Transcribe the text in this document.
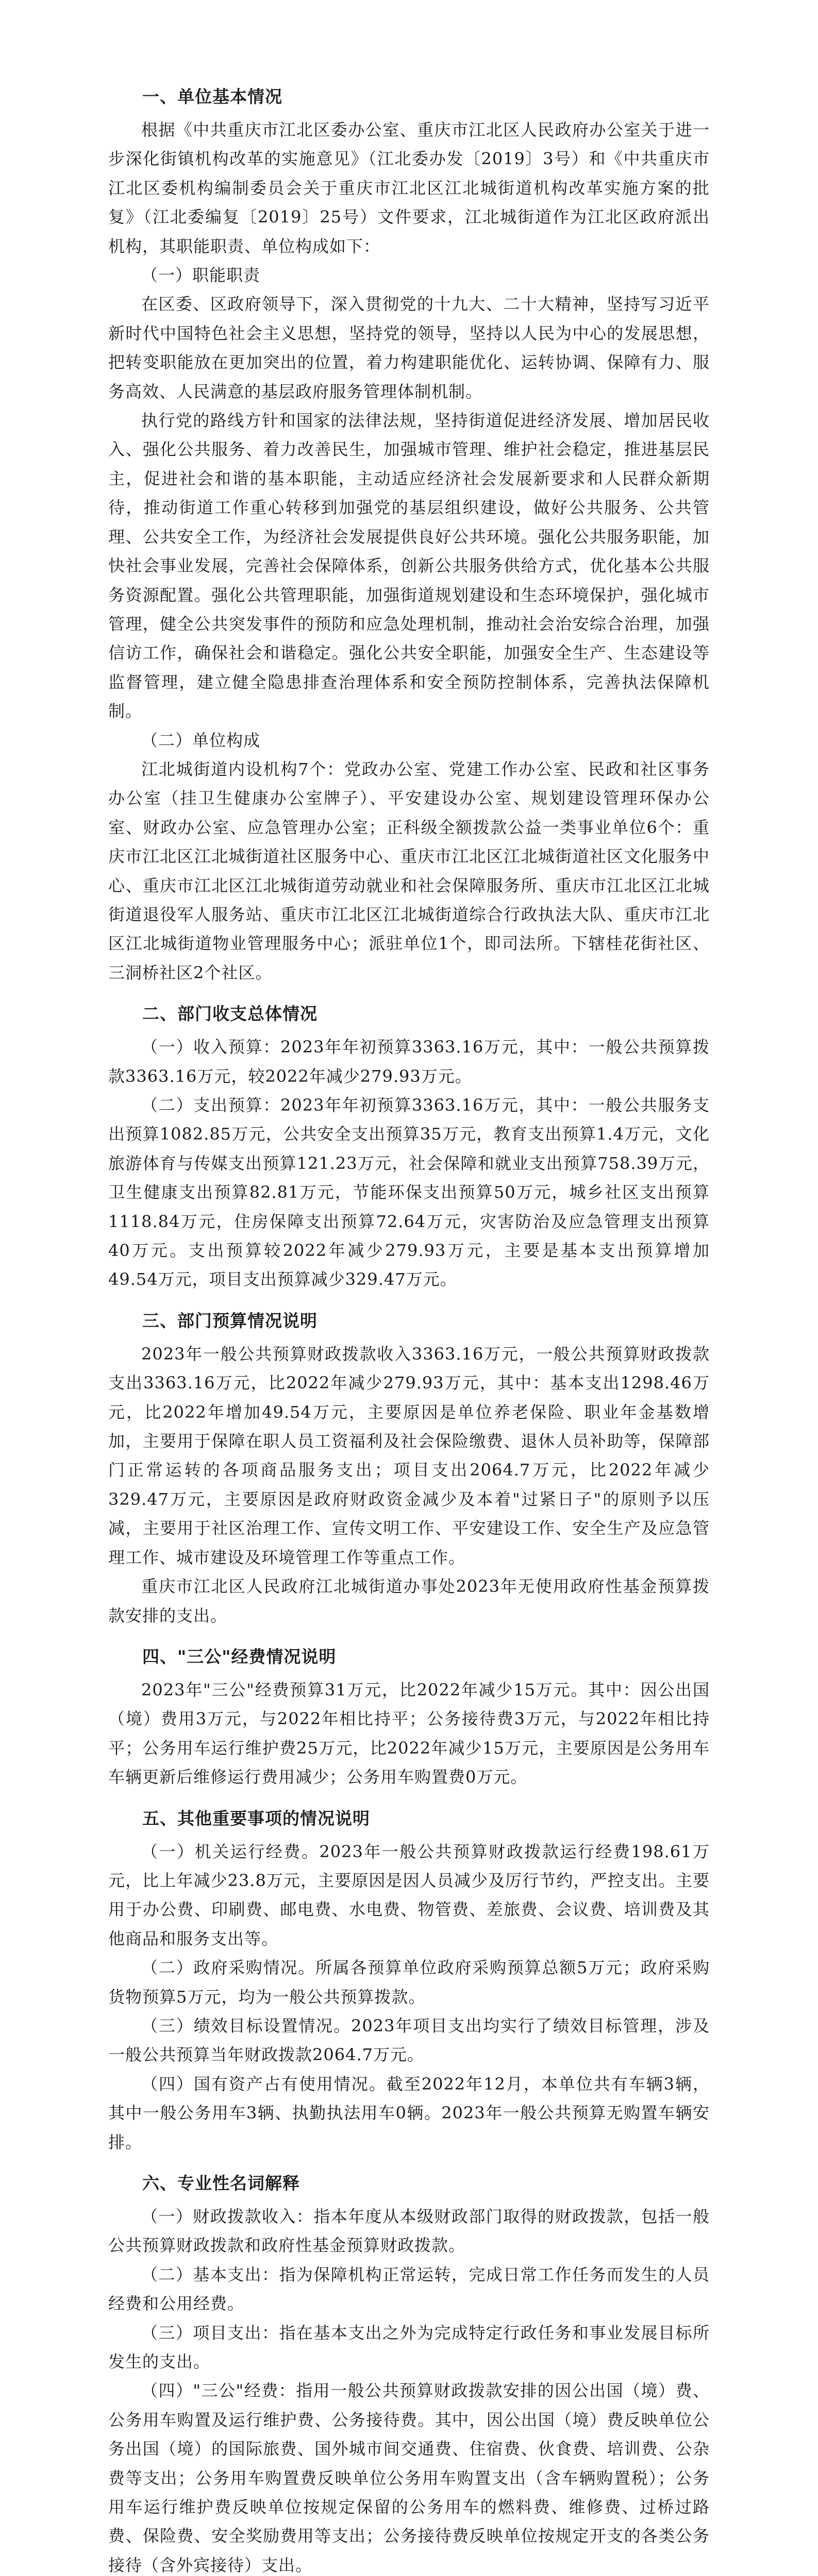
一、单位基本情况

根据《中共重庆市江北区委办公室、重庆市江北区人民政府办公室关于进一步深化街镇机构改革的实施意见》（江北委办发〔2019〕3号）和《中共重庆市江北区委机构编制委员会关于重庆市江北区江北城街道机构改革实施方案的批复》（江北委编复〔2019〕25号）文件要求，江北城街道作为江北区政府派出机构，其职能职责、单位构成如下：

（一）职能职责

在区委、区政府领导下，深入贯彻党的十九大、二十大精神，坚持写习近平新时代中国特色社会主义思想，坚持党的领导，坚持以人民为中心的发展思想，把转变职能放在更加突出的位置，着力构建职能优化、运转协调、保障有力、服务高效、人民满意的基层政府服务管理体制机制。

执行党的路线方针和国家的法律法规，坚持街道促进经济发展、增加居民收入、强化公共服务、着力改善民生，加强城市管理、维护社会稳定，推进基层民主，促进社会和谐的基本职能，主动适应经济社会发展新要求和人民群众新期待，推动街道工作重心转移到加强党的基层组织建设，做好公共服务、公共管理、公共安全工作，为经济社会发展提供良好公共环境。强化公共服务职能，加快社会事业发展，完善社会保障体系，创新公共服务供给方式，优化基本公共服务资源配置。强化公共管理职能，加强街道规划建设和生态环境保护，强化城市管理，健全公共突发事件的预防和应急处理机制，推动社会治安综合治理，加强信访工作，确保社会和谐稳定。强化公共安全职能，加强安全生产、生态建设等监督管理，建立健全隐患排查治理体系和安全预防控制体系，完善执法保障机制。

（二）单位构成

江北城街道内设机构7个：党政办公室、党建工作办公室、民政和社区事务办公室（挂卫生健康办公室牌子）、平安建设办公室、规划建设管理环保办公室、财政办公室、应急管理办公室；正科级全额拨款公益一类事业单位6个：重庆市江北区江北城街道社区服务中心、重庆市江北区江北城街道社区文化服务中心、重庆市江北区江北城街道劳动就业和社会保障服务所、重庆市江北区江北城街道退役军人服务站、重庆市江北区江北城街道综合行政执法大队、重庆市江北区江北城街道物业管理服务中心；派驻单位1个，即司法所。下辖桂花街社区、三洞桥社区2个社区。

二、部门收支总体情况

（一）收入预算：2023年年初预算3363.16万元，其中：一般公共预算拨款3363.16万元，较2022年减少279.93万元。

（二）支出预算：2023年年初预算3363.16万元，其中：一般公共服务支出预算1082.85万元，公共安全支出预算35万元，教育支出预算1.4万元，文化旅游体育与传媒支出预算121.23万元，社会保障和就业支出预算758.39万元，卫生健康支出预算82.81万元，节能环保支出预算50万元，城乡社区支出预算1118.84万元，住房保障支出预算72.64万元，灾害防治及应急管理支出预算40万元。支出预算较2022年减少279.93万元，主要是基本支出预算增加49.54万元，项目支出预算减少329.47万元。

三、部门预算情况说明

2023年一般公共预算财政拨款收入3363.16万元，一般公共预算财政拨款支出3363.16万元，比2022年减少279.93万元，其中：基本支出1298.46万元，比2022年增加49.54万元，主要原因是单位养老保险、职业年金基数增加，主要用于保障在职人员工资福利及社会保险缴费、退休人员补助等，保障部门正常运转的各项商品服务支出；项目支出2064.7万元，比2022年减少329.47万元，主要原因是政府财政资金减少及本着"过紧日子"的原则予以压减，主要用于社区治理工作、宣传文明工作、平安建设工作、安全生产及应急管理工作、城市建设及环境管理工作等重点工作。

重庆市江北区人民政府江北城街道办事处2023年无使用政府性基金预算拨款安排的支出。

四、"三公"经费情况说明

2023年"三公"经费预算31万元，比2022年减少15万元。其中：因公出国（境）费用3万元，与2022年相比持平；公务接待费3万元，与2022年相比持平；公务用车运行维护费25万元，比2022年减少15万元，主要原因是公务用车车辆更新后维修运行费用减少；公务用车购置费0万元。

五、其他重要事项的情况说明

（一）机关运行经费。2023年一般公共预算财政拨款运行经费198.61万元，比上年减少23.8万元，主要原因是因人员减少及厉行节约，严控支出。主要用于办公费、印刷费、邮电费、水电费、物管费、差旅费、会议费、培训费及其他商品和服务支出等。

（二）政府采购情况。所属各预算单位政府采购预算总额5万元；政府采购货物预算5万元，均为一般公共预算拨款。

（三）绩效目标设置情况。2023年项目支出均实行了绩效目标管理，涉及一般公共预算当年财政拨款2064.7万元。

（四）国有资产占有使用情况。截至2022年12月，本单位共有车辆3辆，其中一般公务用车3辆、执勤执法用车0辆。2023年一般公共预算无购置车辆安排。

六、专业性名词解释

（一）财政拨款收入：指本年度从本级财政部门取得的财政拨款，包括一般公共预算财政拨款和政府性基金预算财政拨款。

（二）基本支出：指为保障机构正常运转，完成日常工作任务而发生的人员经费和公用经费。

（三）项目支出：指在基本支出之外为完成特定行政任务和事业发展目标所发生的支出。

（四）"三公"经费：指用一般公共预算财政拨款安排的因公出国（境）费、公务用车购置及运行维护费、公务接待费。其中，因公出国（境）费反映单位公务出国（境）的国际旅费、国外城市间交通费、住宿费、伙食费、培训费、公杂费等支出；公务用车购置费反映单位公务用车购置支出（含车辆购置税）；公务用车运行维护费反映单位按规定保留的公务用车的燃料费、维修费、过桥过路费、保险费、安全奖励费用等支出；公务接待费反映单位按规定开支的各类公务接待（含外宾接待）支出。
